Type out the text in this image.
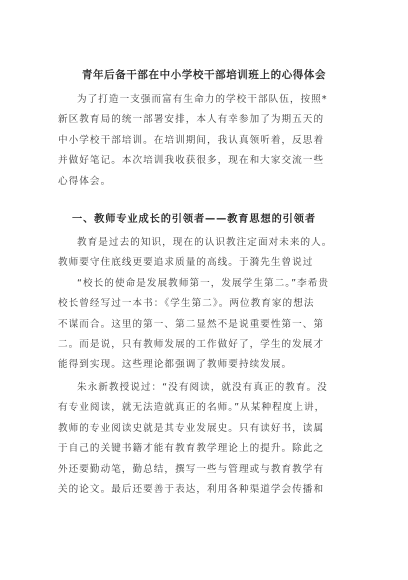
青年后备干部在中小学校干部培训班上的心得体会
为了打造一支强而富有生命力的学校干部队伍，按照*
新区教育局的统一部署安排，本人有幸参加了为期五天的
中小学校干部培训。在培训期间，我认真领听着，反思着
并做好笔记。本次培训我收获很多，现在和大家交流一些
心得体会。
一、教师专业成长的引领者——教育思想的引领者
教育是过去的知识，现在的认识教注定面对未来的人。
教师要守住底线更要追求质量的高线。于漪先生曾说过
“校长的使命是发展教师第一，发展学生第二。”李希贵
校长曾经写过一本书：《学生第二》。两位教育家的想法
不谋而合。这里的第一、第二显然不是说重要性第一、第
二。而是说，只有教师发展的工作做好了，学生的发展才
能得到实现。这些理论都强调了教师要持续发展。
朱永新教授说过：“没有阅读，就没有真正的教育。没
有专业阅读，就无法造就真正的名师。”从某种程度上讲，
教师的专业阅读史就是其专业发展史。只有读好书，读属
于自己的关键书籍才能有教育教学理论上的提升。除此之
外还要勤动笔，勤总结，撰写一些与管理或与教育教学有
关的论文。最后还要善于表达，利用各种渠道学会传播和
